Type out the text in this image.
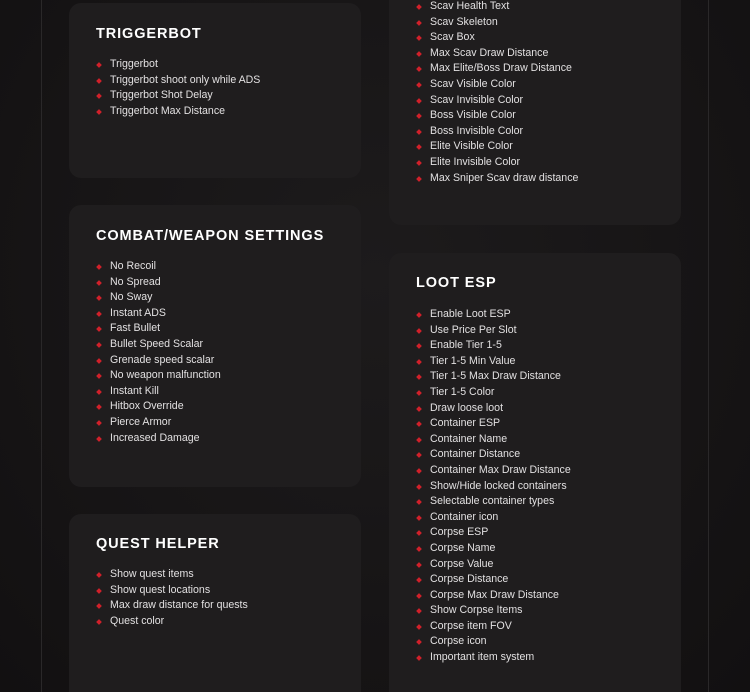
TRIGGERBOT
Triggerbot
Triggerbot shoot only while ADS
Triggerbot Shot Delay
Triggerbot Max Distance
COMBAT/WEAPON SETTINGS
No Recoil
No Spread
No Sway
Instant ADS
Fast Bullet
Bullet Speed Scalar
Grenade speed scalar
No weapon malfunction
Instant Kill
Hitbox Override
Pierce Armor
Increased Damage
QUEST HELPER
Show quest items
Show quest locations
Max draw distance for quests
Quest color
Scav Health Text
Scav Skeleton
Scav Box
Max Scav Draw Distance
Max Elite/Boss Draw Distance
Scav Visible Color
Scav Invisible Color
Boss Visible Color
Boss Invisible Color
Elite Visible Color
Elite Invisible Color
Max Sniper Scav draw distance
LOOT ESP
Enable Loot ESP
Use Price Per Slot
Enable Tier 1-5
Tier 1-5 Min Value
Tier 1-5 Max Draw Distance
Tier 1-5 Color
Draw loose loot
Container ESP
Container Name
Container Distance
Container Max Draw Distance
Show/Hide locked containers
Selectable container types
Container icon
Corpse ESP
Corpse Name
Corpse Value
Corpse Distance
Corpse Max Draw Distance
Show Corpse Items
Corpse item FOV
Corpse icon
Important item system
